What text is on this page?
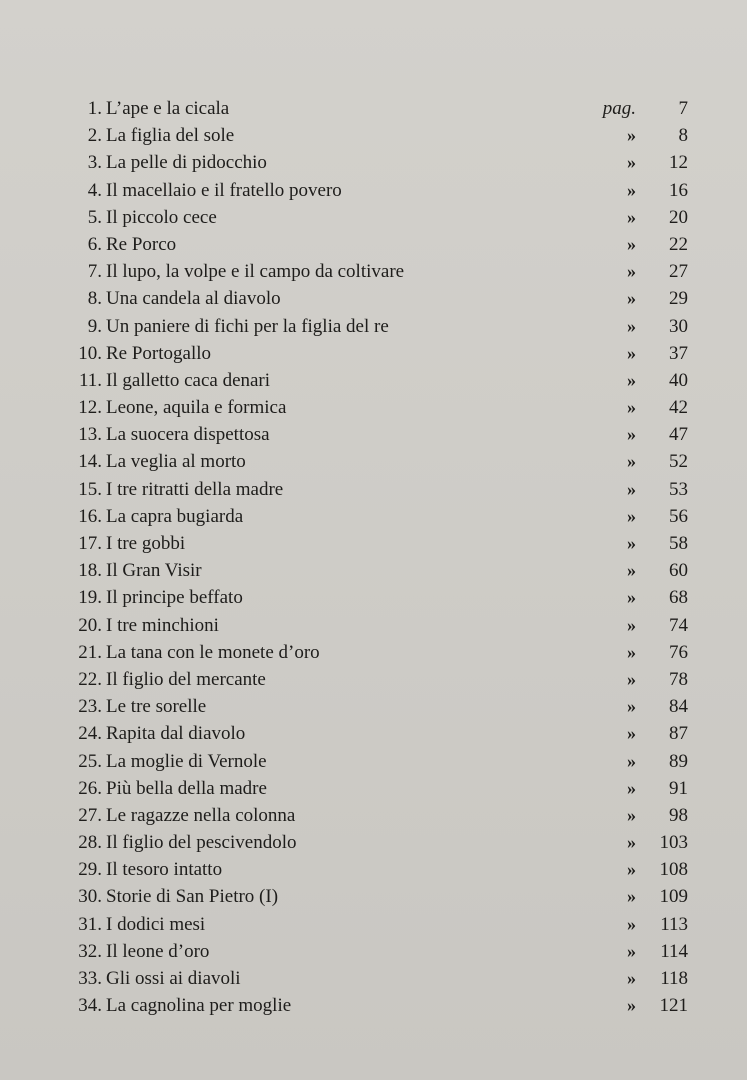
1. L’ape e la cicala	pag.	7
2. La figlia del sole	»	8
3. La pelle di pidocchio	»	12
4. Il macellaio e il fratello povero	»	16
5. Il piccolo cece	»	20
6. Re Porco	»	22
7. Il lupo, la volpe e il campo da coltivare	»	27
8. Una candela al diavolo	»	29
9. Un paniere di fichi per la figlia del re	»	30
10. Re Portogallo	»	37
11. Il galletto caca denari	»	40
12. Leone, aquila e formica	»	42
13. La suocera dispettosa	»	47
14. La veglia al morto	»	52
15. I tre ritratti della madre	»	53
16. La capra bugiarda	»	56
17. I tre gobbi	»	58
18. Il Gran Visir	»	60
19. Il principe beffato	»	68
20. I tre minchioni	»	74
21. La tana con le monete d’oro	»	76
22. Il figlio del mercante	»	78
23. Le tre sorelle	»	84
24. Rapita dal diavolo	»	87
25. La moglie di Vernole	»	89
26. Più bella della madre	»	91
27. Le ragazze nella colonna	»	98
28. Il figlio del pescivendolo	»	103
29. Il tesoro intatto	»	108
30. Storie di San Pietro (I)	»	109
31. I dodici mesi	»	113
32. Il leone d’oro	»	114
33. Gli ossi ai diavoli	»	118
34. La cagnolina per moglie	»	121
